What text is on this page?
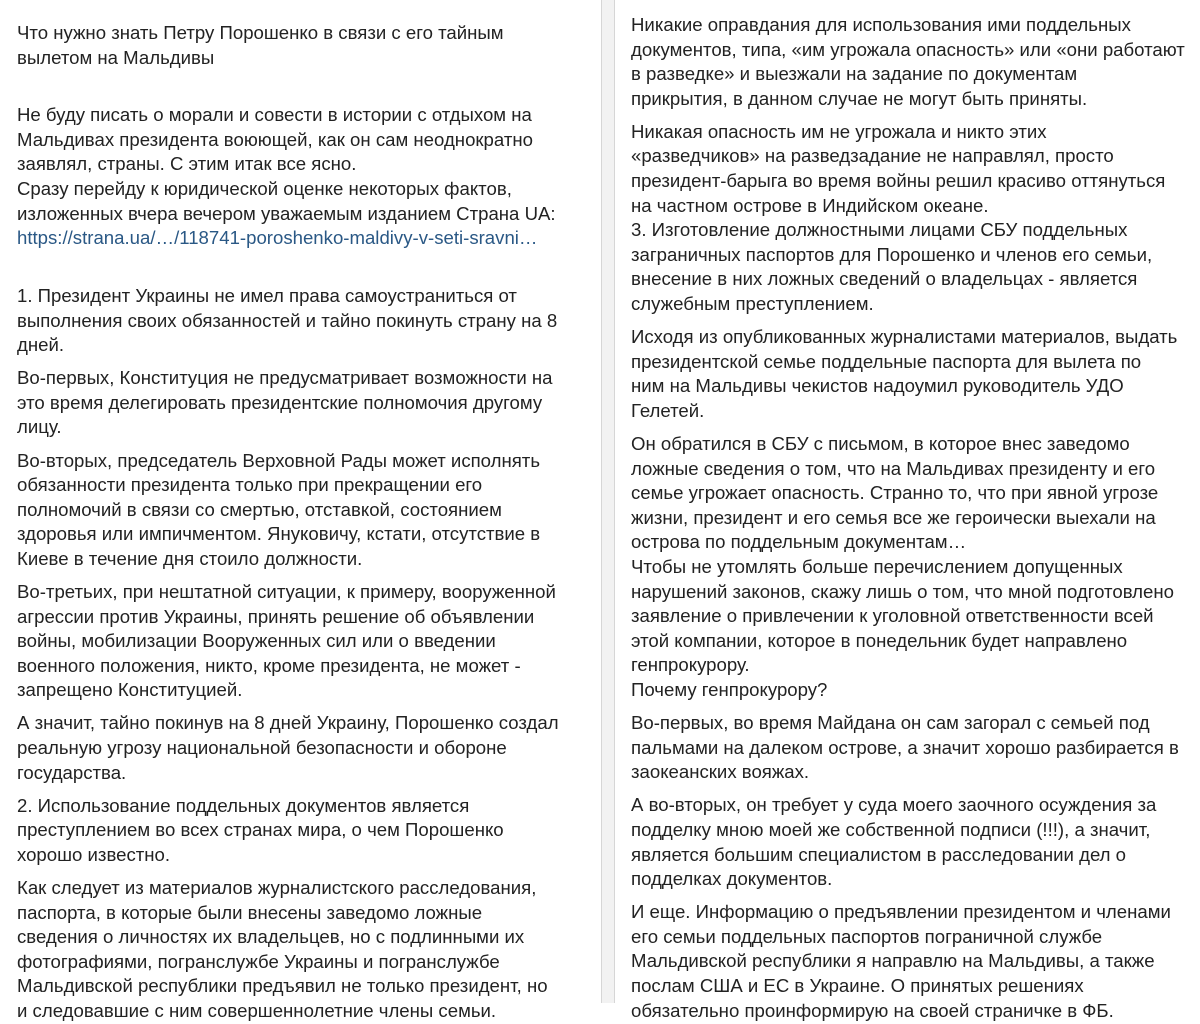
Что нужно знать Петру Порошенко в связи с его тайным
вылетом на Мальдивы

Не буду писать о морали и совести в истории с отдыхом на
Мальдивах президента воюющей, как он сам неоднократно
заявлял, страны. С этим итак все ясно.
Сразу перейду к юридической оценке некоторых фактов,
изложенных вчера вечером уважаемым изданием Страна UA:

https://strana.ua/…/118741-poroshenko-maldivy-v-seti-sravni…

1. Президент Украины не имел права самоустраниться от
выполнения своих обязанностей и тайно покинуть страну на 8
дней.

Во-первых, Конституция не предусматривает возможности на
это время делегировать президентские полномочия другому
лицу.

Во-вторых, председатель Верховной Рады может исполнять
обязанности президента только при прекращении его
полномочий в связи со смертью, отставкой, состоянием
здоровья или импичментом. Януковичу, кстати, отсутствие в
Киеве в течение дня стоило должности.

Во-третьих, при нештатной ситуации, к примеру, вооруженной
агрессии против Украины, принять решение об объявлении
войны, мобилизации Вооруженных сил или о введении
военного положения, никто, кроме президента, не может -
запрещено Конституцией.

А значит, тайно покинув на 8 дней Украину, Порошенко создал
реальную угрозу национальной безопасности и обороне
государства.

2. Использование поддельных документов является
преступлением во всех странах мира, о чем Порошенко
хорошо известно.

Как следует из материалов журналистского расследования,
паспорта, в которые были внесены заведомо ложные
сведения о личностях их владельцев, но с подлинными их
фотографиями, погранслужбе Украины и погранслужбе
Мальдивской республики предъявил не только президент, но
и следовавшие с ним совершеннолетние члены семьи.

Никакие оправдания для использования ими поддельных
документов, типа, «им угрожала опасность» или «они работают
в разведке» и выезжали на задание по документам
прикрытия, в данном случае не могут быть приняты.

Никакая опасность им не угрожала и никто этих
«разведчиков» на разведзадание не направлял, просто
президент-барыга во время войны решил красиво оттянуться
на частном острове в Индийском океане.
3. Изготовление должностными лицами СБУ поддельных
заграничных паспортов для Порошенко и членов его семьи,
внесение в них ложных сведений о владельцах - является
служебным преступлением.

Исходя из опубликованных журналистами материалов, выдать
президентской семье поддельные паспорта для вылета по
ним на Мальдивы чекистов надоумил руководитель УДО
Гелетей.

Он обратился в СБУ с письмом, в которое внес заведомо
ложные сведения о том, что на Мальдивах президенту и его
семье угрожает опасность. Странно то, что при явной угрозе
жизни, президент и его семья все же героически выехали на
острова по поддельным документам…
Чтобы не утомлять больше перечислением допущенных
нарушений законов, скажу лишь о том, что мной подготовлено
заявление о привлечении к уголовной ответственности всей
этой компании, которое в понедельник будет направлено
генпрокурору.
Почему генпрокурору?

Во-первых, во время Майдана он сам загорал с семьей под
пальмами на далеком острове, а значит хорошо разбирается в
заокеанских вояжах.

А во-вторых, он требует у суда моего заочного осуждения за
подделку мною моей же собственной подписи (!!!), а значит,
является большим специалистом в расследовании дел о
подделках документов.

И еще. Информацию о предъявлении президентом и членами
его семьи поддельных паспортов пограничной службе
Мальдивской республики я направлю на Мальдивы, а также
послам США и ЕС в Украине. О принятых решениях
обязательно проинформирую на своей страничке в ФБ.
